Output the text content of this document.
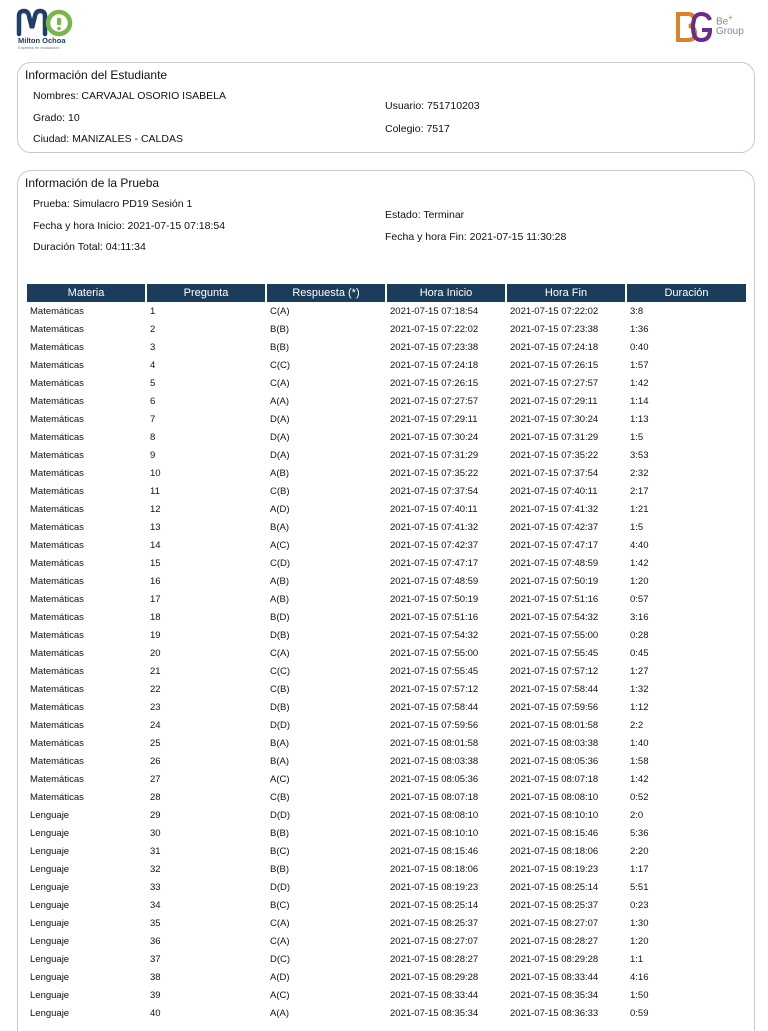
Milton Ochoa
Expertos en evaluación
Be+
Group
Información del Estudiante
Nombres: CARVAJAL OSORIO ISABELA
Grado: 10
Ciudad: MANIZALES - CALDAS
Usuario: 751710203
Colegio: 7517
Información de la Prueba
Prueba: Simulacro PD19 Sesión 1
Fecha y hora Inicio: 2021-07-15 07:18:54
Duración Total: 04:11:34
Estado: Terminar
Fecha y hora Fin: 2021-07-15 11:30:28
Materia	Pregunta	Respuesta (*)	Hora Inicio	Hora Fin	Duración
Matemáticas	1	C(A)	2021-07-15 07:18:54	2021-07-15 07:22:02	3:8
Matemáticas	2	B(B)	2021-07-15 07:22:02	2021-07-15 07:23:38	1:36
Matemáticas	3	B(B)	2021-07-15 07:23:38	2021-07-15 07:24:18	0:40
Matemáticas	4	C(C)	2021-07-15 07:24:18	2021-07-15 07:26:15	1:57
Matemáticas	5	C(A)	2021-07-15 07:26:15	2021-07-15 07:27:57	1:42
Matemáticas	6	A(A)	2021-07-15 07:27:57	2021-07-15 07:29:11	1:14
Matemáticas	7	D(A)	2021-07-15 07:29:11	2021-07-15 07:30:24	1:13
Matemáticas	8	D(A)	2021-07-15 07:30:24	2021-07-15 07:31:29	1:5
Matemáticas	9	D(A)	2021-07-15 07:31:29	2021-07-15 07:35:22	3:53
Matemáticas	10	A(B)	2021-07-15 07:35:22	2021-07-15 07:37:54	2:32
Matemáticas	11	C(B)	2021-07-15 07:37:54	2021-07-15 07:40:11	2:17
Matemáticas	12	A(D)	2021-07-15 07:40:11	2021-07-15 07:41:32	1:21
Matemáticas	13	B(A)	2021-07-15 07:41:32	2021-07-15 07:42:37	1:5
Matemáticas	14	A(C)	2021-07-15 07:42:37	2021-07-15 07:47:17	4:40
Matemáticas	15	C(D)	2021-07-15 07:47:17	2021-07-15 07:48:59	1:42
Matemáticas	16	A(B)	2021-07-15 07:48:59	2021-07-15 07:50:19	1:20
Matemáticas	17	A(B)	2021-07-15 07:50:19	2021-07-15 07:51:16	0:57
Matemáticas	18	B(D)	2021-07-15 07:51:16	2021-07-15 07:54:32	3:16
Matemáticas	19	D(B)	2021-07-15 07:54:32	2021-07-15 07:55:00	0:28
Matemáticas	20	C(A)	2021-07-15 07:55:00	2021-07-15 07:55:45	0:45
Matemáticas	21	C(C)	2021-07-15 07:55:45	2021-07-15 07:57:12	1:27
Matemáticas	22	C(B)	2021-07-15 07:57:12	2021-07-15 07:58:44	1:32
Matemáticas	23	D(B)	2021-07-15 07:58:44	2021-07-15 07:59:56	1:12
Matemáticas	24	D(D)	2021-07-15 07:59:56	2021-07-15 08:01:58	2:2
Matemáticas	25	B(A)	2021-07-15 08:01:58	2021-07-15 08:03:38	1:40
Matemáticas	26	B(A)	2021-07-15 08:03:38	2021-07-15 08:05:36	1:58
Matemáticas	27	A(C)	2021-07-15 08:05:36	2021-07-15 08:07:18	1:42
Matemáticas	28	C(B)	2021-07-15 08:07:18	2021-07-15 08:08:10	0:52
Lenguaje	29	D(D)	2021-07-15 08:08:10	2021-07-15 08:10:10	2:0
Lenguaje	30	B(B)	2021-07-15 08:10:10	2021-07-15 08:15:46	5:36
Lenguaje	31	B(C)	2021-07-15 08:15:46	2021-07-15 08:18:06	2:20
Lenguaje	32	B(B)	2021-07-15 08:18:06	2021-07-15 08:19:23	1:17
Lenguaje	33	D(D)	2021-07-15 08:19:23	2021-07-15 08:25:14	5:51
Lenguaje	34	B(C)	2021-07-15 08:25:14	2021-07-15 08:25:37	0:23
Lenguaje	35	C(A)	2021-07-15 08:25:37	2021-07-15 08:27:07	1:30
Lenguaje	36	C(A)	2021-07-15 08:27:07	2021-07-15 08:28:27	1:20
Lenguaje	37	D(C)	2021-07-15 08:28:27	2021-07-15 08:29:28	1:1
Lenguaje	38	A(D)	2021-07-15 08:29:28	2021-07-15 08:33:44	4:16
Lenguaje	39	A(C)	2021-07-15 08:33:44	2021-07-15 08:35:34	1:50
Lenguaje	40	A(A)	2021-07-15 08:35:34	2021-07-15 08:36:33	0:59
